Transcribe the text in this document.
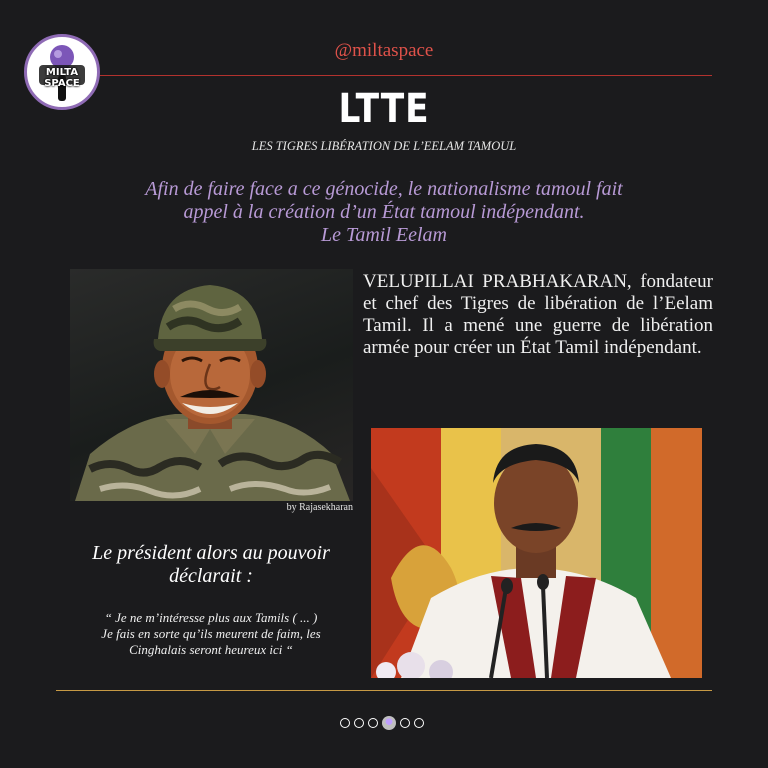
MILTA
SPACE
@miltaspace
LTTE
LES TIGRES LIBÉRATION DE L’EELAM TAMOUL
Afin de faire face a ce génocide, le nationalisme tamoul fait
appel à la création d’un État tamoul indépendant.
Le Tamil Eelam
by Rajasekharan
VELUPILLAI PRABHAKARAN, fondateur et chef des Tigres de libération de l’Eelam Tamil. Il a mené une guerre de libération armée pour créer un État Tamil indépendant.
Le président alors au pouvoir
déclarait :
“ Je ne m’intéresse plus aux Tamils ( ... )
Je fais en sorte qu’ils meurent de faim, les
Cinghalais seront heureux ici “
